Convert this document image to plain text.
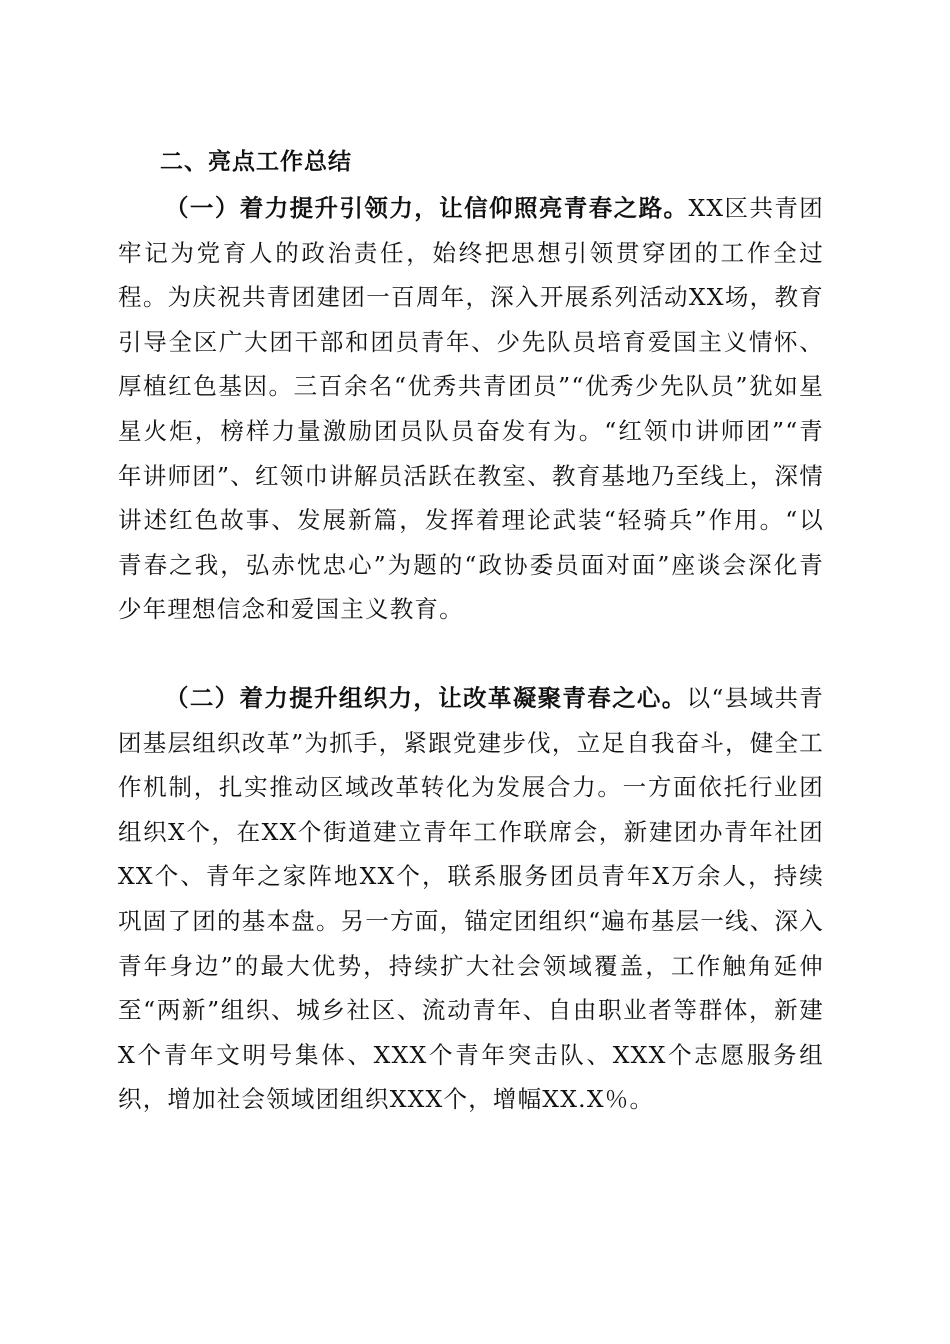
二、亮点工作总结

（一）着力提升引领力，让信仰照亮青春之路。XX区共青团牢记为党育人的政治责任，始终把思想引领贯穿团的工作全过程。为庆祝共青团建团一百周年，深入开展系列活动XX场，教育引导全区广大团干部和团员青年、少先队员培育爱国主义情怀、厚植红色基因。三百余名“优秀共青团员”“优秀少先队员”犹如星星火炬，榜样力量激励团员队员奋发有为。“红领巾讲师团”“青年讲师团”、红领巾讲解员活跃在教室、教育基地乃至线上，深情讲述红色故事、发展新篇，发挥着理论武装“轻骑兵”作用。“以青春之我，弘赤忱忠心”为题的“政协委员面对面”座谈会深化青少年理想信念和爱国主义教育。

（二）着力提升组织力，让改革凝聚青春之心。以“县域共青团基层组织改革”为抓手，紧跟党建步伐，立足自我奋斗，健全工作机制，扎实推动区域改革转化为发展合力。一方面依托行业团组织X个，在XX个街道建立青年工作联席会，新建团办青年社团XX个、青年之家阵地XX个，联系服务团员青年X万余人，持续巩固了团的基本盘。另一方面，锚定团组织“遍布基层一线、深入青年身边”的最大优势，持续扩大社会领域覆盖，工作触角延伸至“两新”组织、城乡社区、流动青年、自由职业者等群体，新建X个青年文明号集体、XXX个青年突击队、XXX个志愿服务组织，增加社会领域团组织XXX个，增幅XX.X％。
